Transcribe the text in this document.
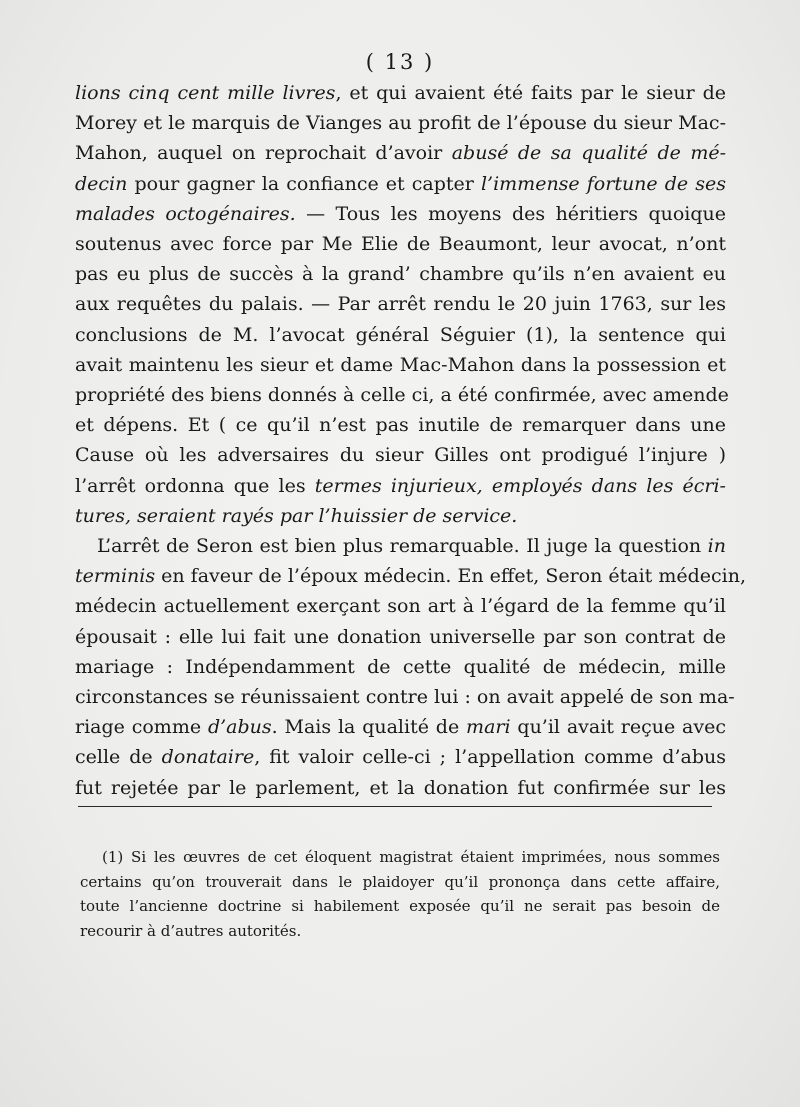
( 13 )
lions cinq cent mille livres, et qui avaient été faits par le sieur de
Morey et le marquis de Vianges au profit de l’épouse du sieur Mac-
Mahon, auquel on reprochait d’avoir abusé de sa qualité de mé-
decin pour gagner la confiance et capter l’immense fortune de ses
malades octogénaires. — Tous les moyens des héritiers quoique
soutenus avec force par Me Elie de Beaumont, leur avocat, n’ont
pas eu plus de succès à la grand’ chambre qu’ils n’en avaient eu
aux requêtes du palais. — Par arrêt rendu le 20 juin 1763, sur les
conclusions de M. l’avocat général Séguier (1), la sentence qui
avait maintenu les sieur et dame Mac-Mahon dans la possession et
propriété des biens donnés à celle ci, a été confirmée, avec amende
et dépens. Et ( ce qu’il n’est pas inutile de remarquer dans une
Cause où les adversaires du sieur Gilles ont prodigué l’injure )
l’arrêt ordonna que les termes injurieux, employés dans les écri-
tures, seraient rayés par l’huissier de service.
L’arrêt de Seron est bien plus remarquable. Il juge la question in
terminis en faveur de l’époux médecin. En effet, Seron était médecin,
médecin actuellement exerçant son art à l’égard de la femme qu’il
épousait : elle lui fait une donation universelle par son contrat de
mariage : Indépendamment de cette qualité de médecin, mille
circonstances se réunissaient contre lui : on avait appelé de son ma-
riage comme d’abus. Mais la qualité de mari qu’il avait reçue avec
celle de donataire, fit valoir celle-ci ; l’appellation comme d’abus
fut rejetée par le parlement, et la donation fut confirmée sur les
(1) Si les œuvres de cet éloquent magistrat étaient imprimées, nous sommes
certains qu’on trouverait dans le plaidoyer qu’il prononça dans cette affaire,
toute l’ancienne doctrine si habilement exposée qu’il ne serait pas besoin de
recourir à d’autres autorités.
